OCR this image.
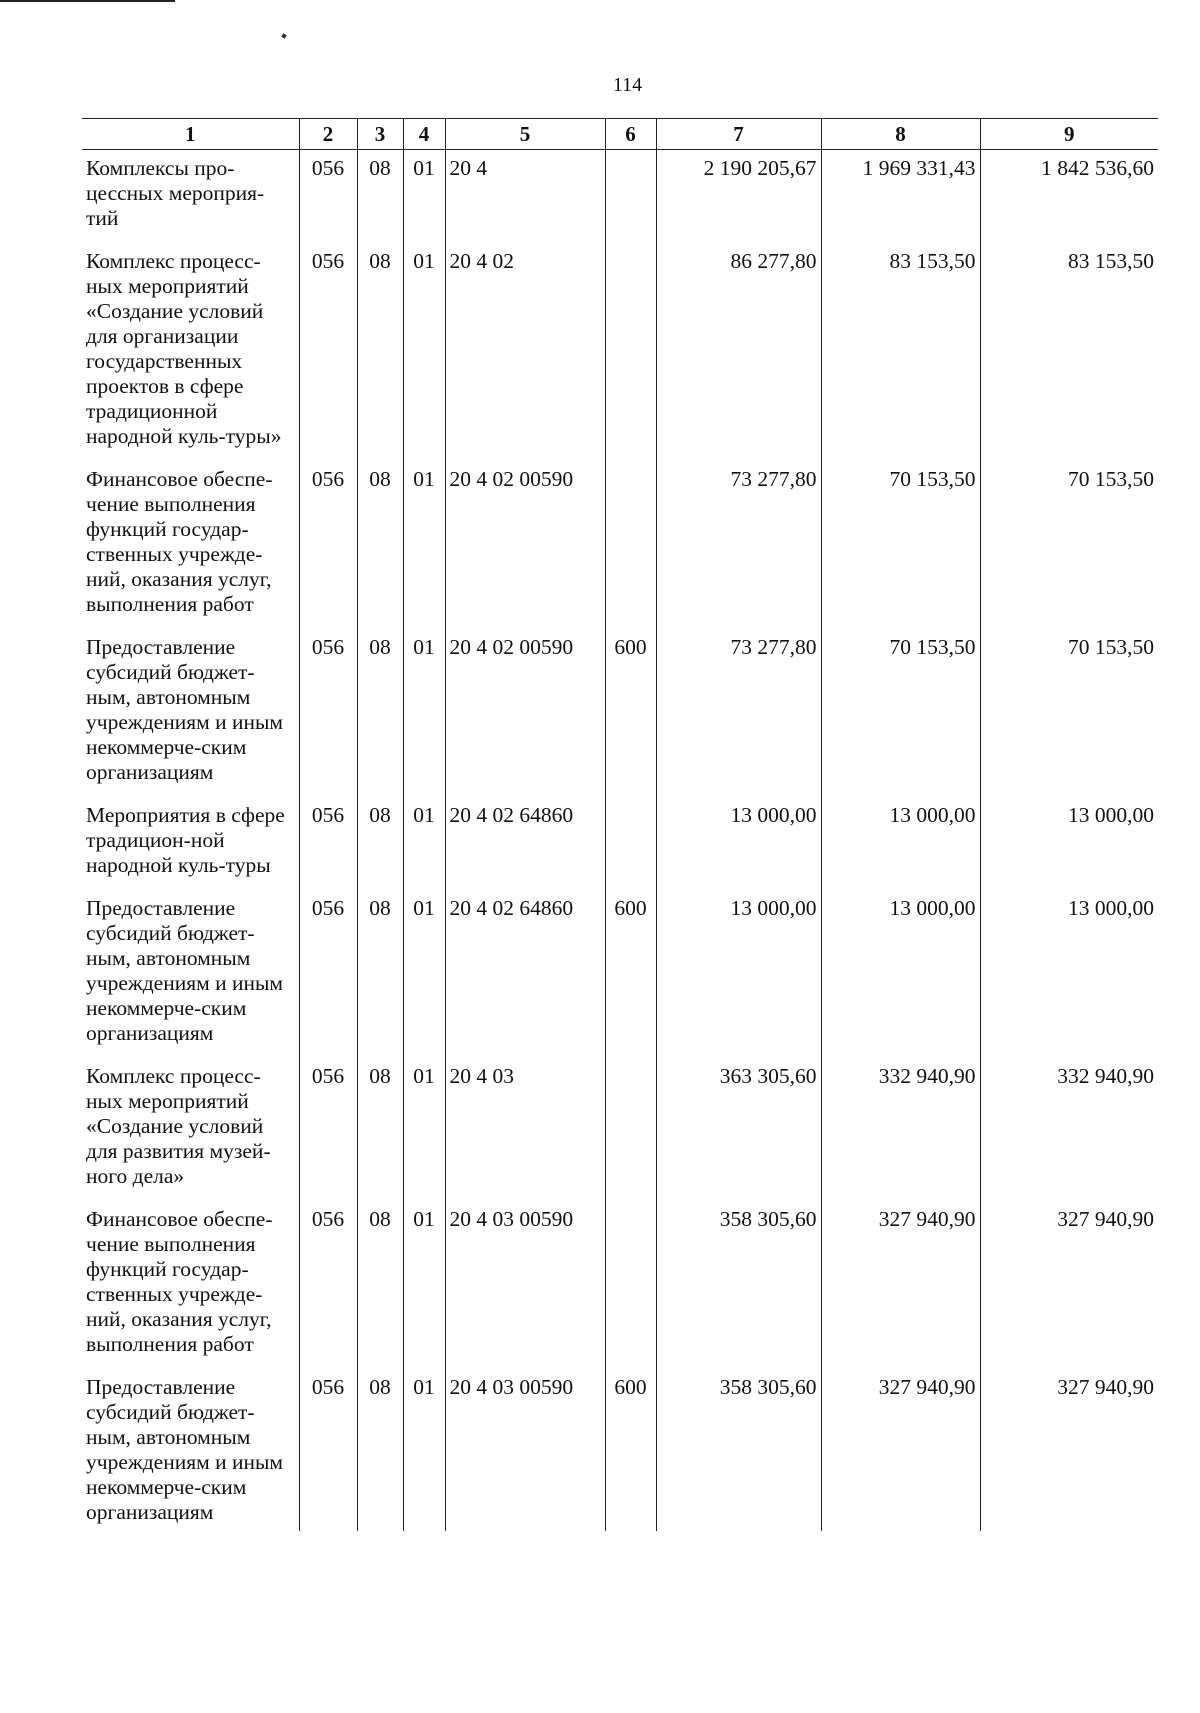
114
1	2	3	4	5	6	7	8	9
Комплексы про-цессных мероприя-тий	056	08	01	20 4		2 190 205,67	1 969 331,43	1 842 536,60
Комплекс процесс-ных мероприятий «Создание условий для организации государственных проектов в сфере традиционной народной куль-туры»	056	08	01	20 4 02		86 277,80	83 153,50	83 153,50
Финансовое обеспе-чение выполнения функций государ-ственных учрежде-ний, оказания услуг, выполнения работ	056	08	01	20 4 02 00590		73 277,80	70 153,50	70 153,50
Предоставление субсидий бюджет-ным, автономным учреждениям и иным некоммерче-ским организациям	056	08	01	20 4 02 00590	600	73 277,80	70 153,50	70 153,50
Мероприятия в сфере традицион-ной народной куль-туры	056	08	01	20 4 02 64860		13 000,00	13 000,00	13 000,00
Предоставление субсидий бюджет-ным, автономным учреждениям и иным некоммерче-ским организациям	056	08	01	20 4 02 64860	600	13 000,00	13 000,00	13 000,00
Комплекс процесс-ных мероприятий «Создание условий для развития музей-ного дела»	056	08	01	20 4 03		363 305,60	332 940,90	332 940,90
Финансовое обеспе-чение выполнения функций государ-ственных учрежде-ний, оказания услуг, выполнения работ	056	08	01	20 4 03 00590		358 305,60	327 940,90	327 940,90
Предоставление субсидий бюджет-ным, автономным учреждениям и иным некоммерче-ским организациям	056	08	01	20 4 03 00590	600	358 305,60	327 940,90	327 940,90
